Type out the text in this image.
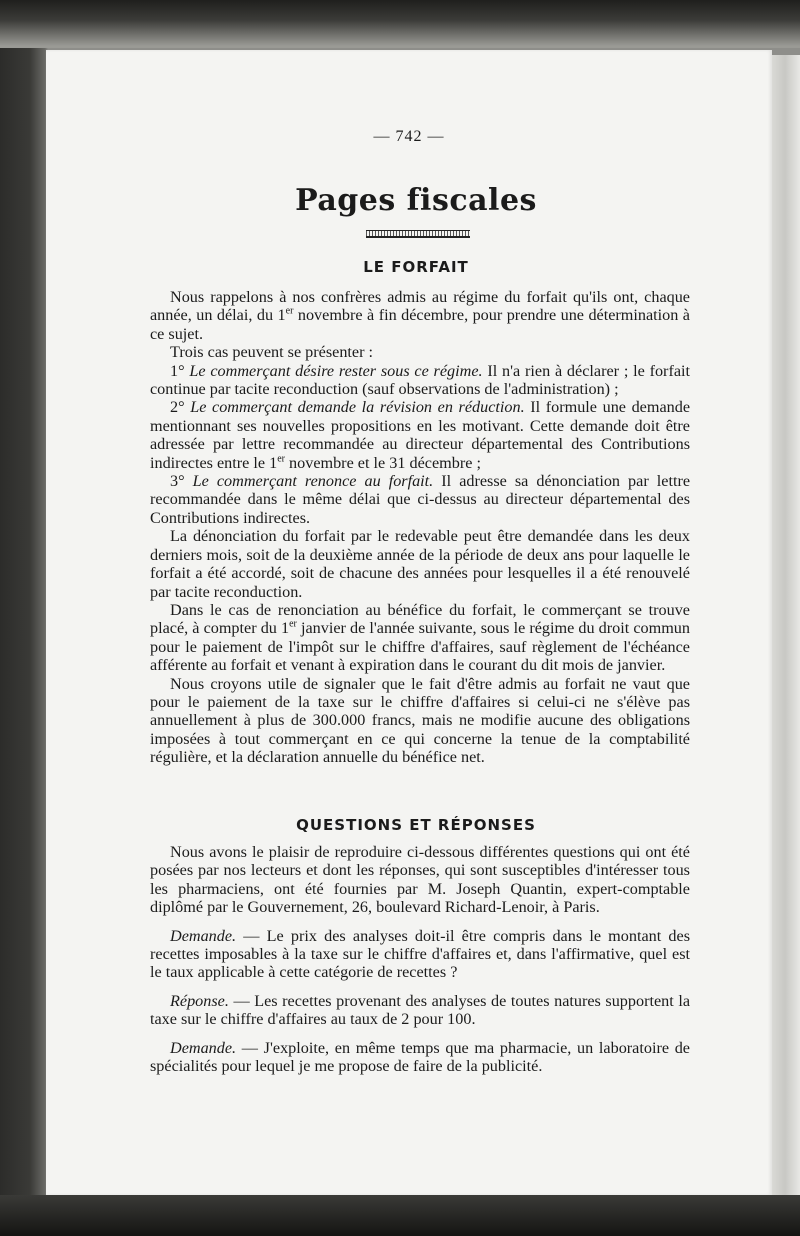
— 742 —
Pages fiscales
LE FORFAIT

Nous rappelons à nos confrères admis au régime du forfait qu'ils ont, chaque année, un délai, du 1er novembre à fin décembre, pour prendre une détermination à ce sujet.

Trois cas peuvent se présenter :

1° Le commerçant désire rester sous ce régime. Il n'a rien à déclarer ; le forfait continue par tacite reconduction (sauf observations de l'administration) ;

2° Le commerçant demande la révision en réduction. Il formule une demande mentionnant ses nouvelles propositions en les motivant. Cette demande doit être adressée par lettre recommandée au directeur départemental des Contributions indirectes entre le 1er novembre et le 31 décembre ;

3° Le commerçant renonce au forfait. Il adresse sa dénonciation par lettre recommandée dans le même délai que ci-dessus au directeur départemental des Contributions indirectes.

La dénonciation du forfait par le redevable peut être demandée dans les deux derniers mois, soit de la deuxième année de la période de deux ans pour laquelle le forfait a été accordé, soit de chacune des années pour lesquelles il a été renouvelé par tacite reconduction.

Dans le cas de renonciation au bénéfice du forfait, le commerçant se trouve placé, à compter du 1er janvier de l'année suivante, sous le régime du droit commun pour le paiement de l'impôt sur le chiffre d'affaires, sauf règlement de l'échéance afférente au forfait et venant à expiration dans le courant du dit mois de janvier.

Nous croyons utile de signaler que le fait d'être admis au forfait ne vaut que pour le paiement de la taxe sur le chiffre d'affaires si celui-ci ne s'élève pas annuellement à plus de 300.000 francs, mais ne modifie aucune des obligations imposées à tout commerçant en ce qui concerne la tenue de la comptabilité régulière, et la déclaration annuelle du bénéfice net.

QUESTIONS ET RÉPONSES

Nous avons le plaisir de reproduire ci-dessous différentes questions qui ont été posées par nos lecteurs et dont les réponses, qui sont susceptibles d'intéresser tous les pharmaciens, ont été fournies par M. Joseph Quantin, expert-comptable diplômé par le Gouvernement, 26, boulevard Richard-Lenoir, à Paris.

Demande. — Le prix des analyses doit-il être compris dans le montant des recettes imposables à la taxe sur le chiffre d'affaires et, dans l'affirmative, quel est le taux applicable à cette catégorie de recettes ?

Réponse. — Les recettes provenant des analyses de toutes natures supportent la taxe sur le chiffre d'affaires au taux de 2 pour 100.

Demande. — J'exploite, en même temps que ma pharmacie, un laboratoire de spécialités pour lequel je me propose de faire de la publicité.
